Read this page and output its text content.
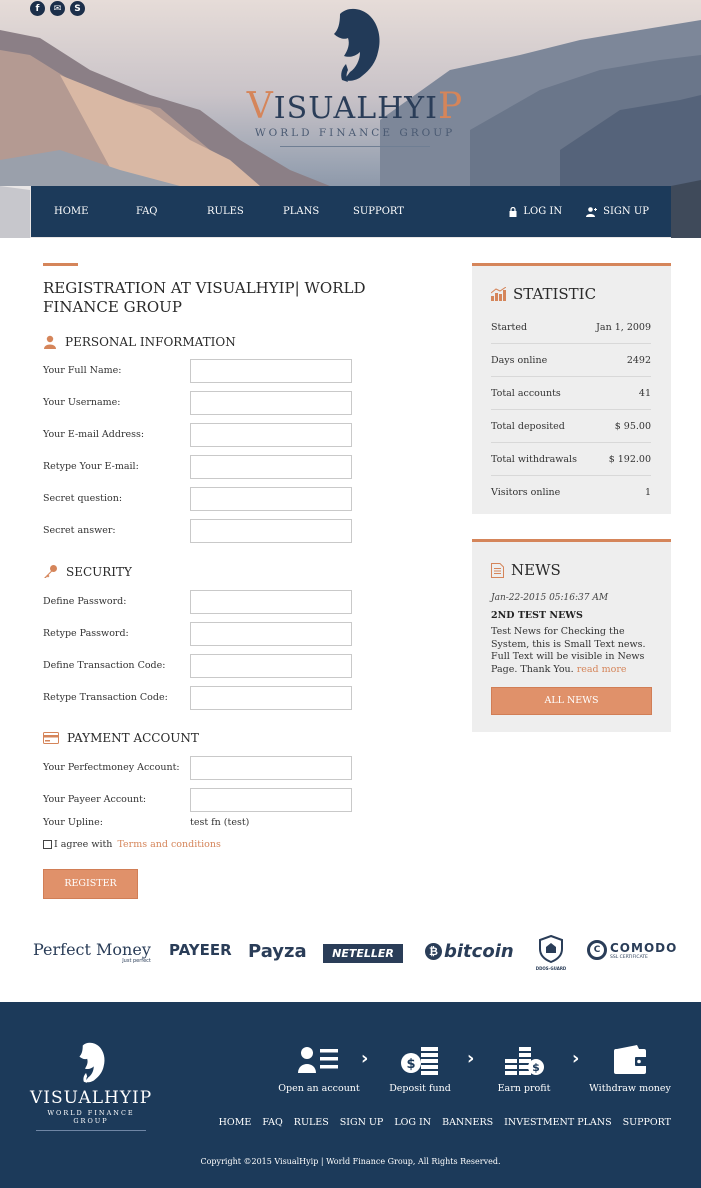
f	✉	S
VISUALHYIP
WORLD FINANCE GROUP
HOME	FAQ	RULES	PLANS	SUPPORT	LOG IN	SIGN UP
REGISTRATION AT VISUALHYIP| WORLD FINANCE GROUP
PERSONAL INFORMATION
Your Full Name:
Your Username:
Your E-mail Address:
Retype Your E-mail:
Secret question:
Secret answer:
SECURITY
Define Password:
Retype Password:
Define Transaction Code:
Retype Transaction Code:
PAYMENT ACCOUNT
Your Perfectmoney Account:
Your Payeer Account:
Your Upline:	test fn (test)
I agree with Terms and conditions
REGISTER
STATISTIC
Started	Jan 1, 2009
Days online	2492
Total accounts	41
Total deposited	$ 95.00
Total withdrawals	$ 192.00
Visitors online	1
NEWS
Jan-22-2015 05:16:37 AM
2ND TEST NEWS
Test News for Checking the System, this is Small Text news. Full Text will be visible in News Page. Thank You. read more
ALL NEWS
Perfect Money
Just perfect
PAYEER Payza	NETELLER	₿ bitcoin
DDOS-GUARD
C COMODO
SSL CERTIFICATE
VISUALHYIP
WORLD FINANCE GROUP
Open an account
›	$
Deposit fund
›	$
Earn profit
›
Withdraw money
HOME FAQ RULES SIGN UP LOG IN BANNERS INVESTMENT PLANS SUPPORT
Copyright ©2015 VisualHyip | World Finance Group, All Rights Reserved.
